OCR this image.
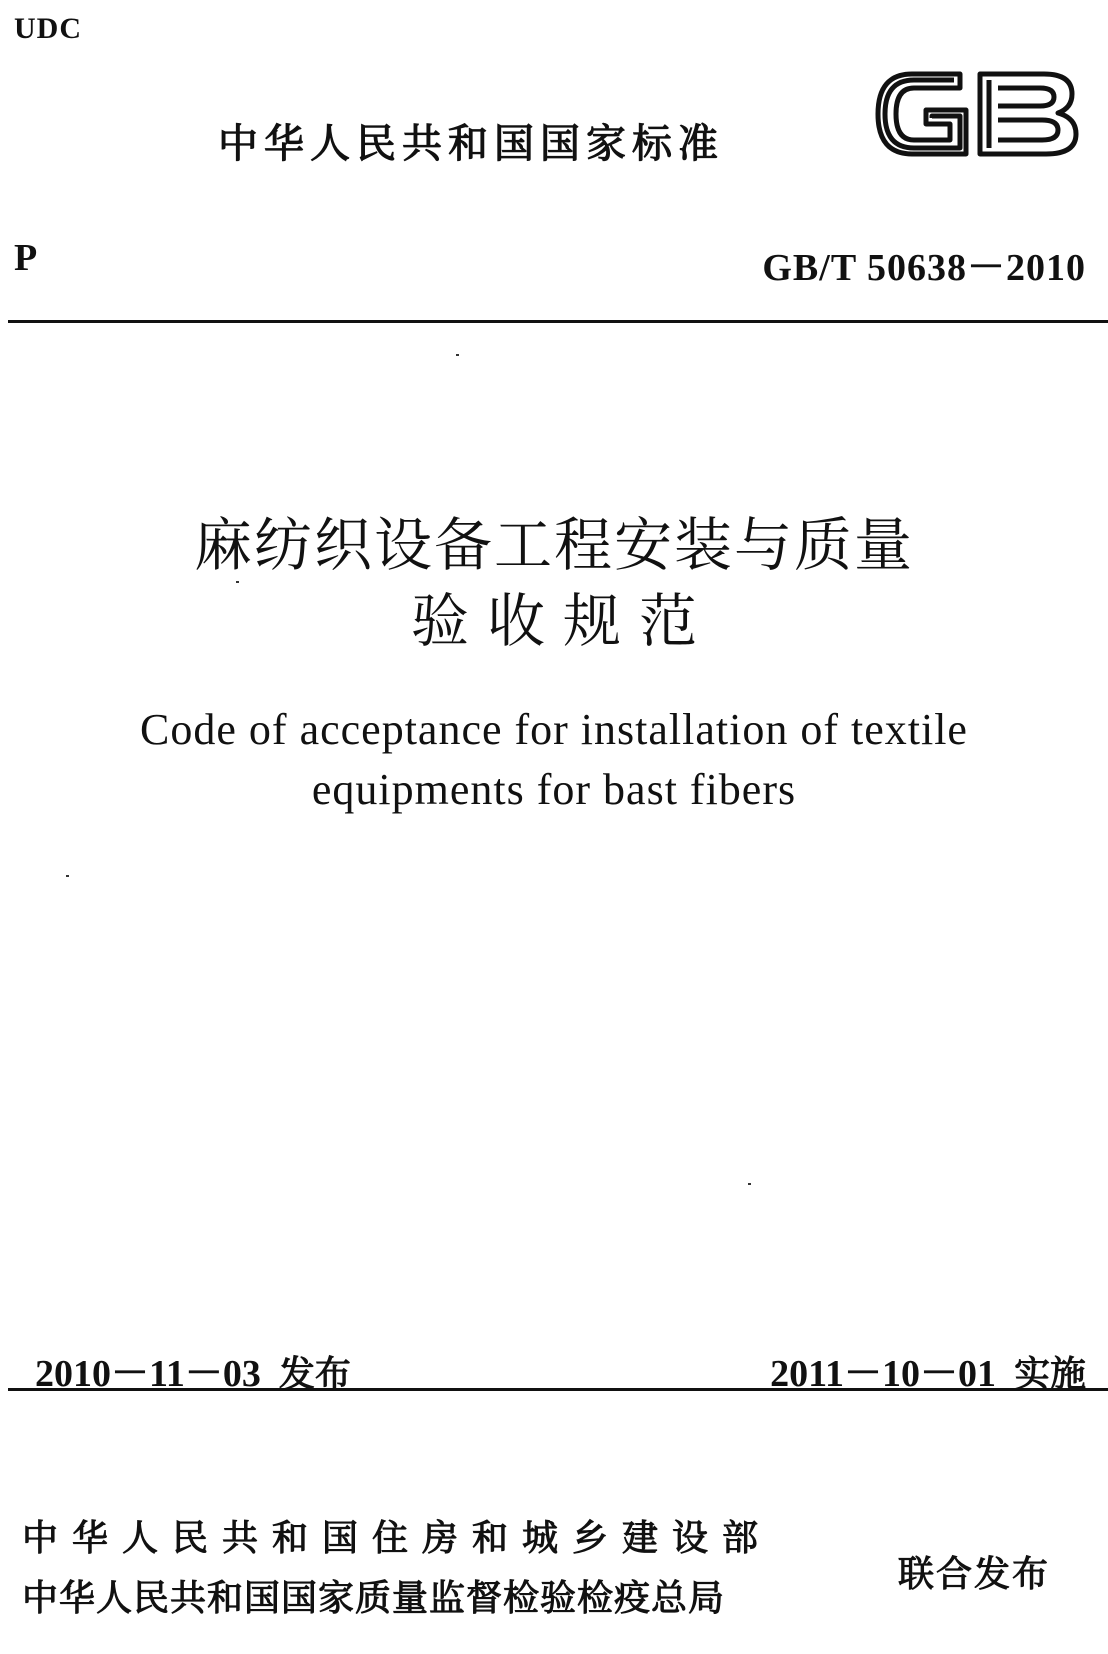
UDC
中华人民共和国国家标准
P	GB/T 50638－2010
麻纺织设备工程安装与质量
验收规范
Code of acceptance for installation of textile
equipments for bast fibers

2010－11－03 发布	2011－10－01 实施

中华人民共和国住房和城乡建设部
中华人民共和国国家质量监督检验检疫总局
联合发布
